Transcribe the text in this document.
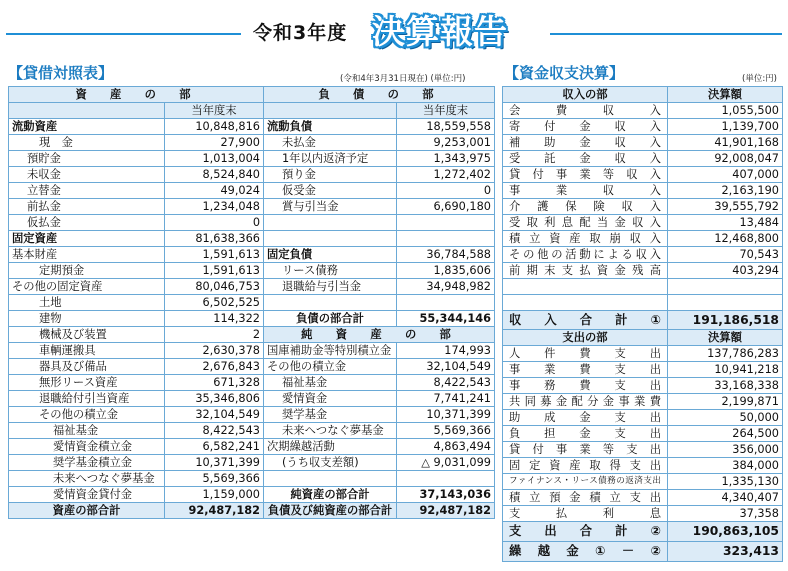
令和3年度 決算報告
【貸借対照表】	(令和4年3月31日現在) (単位:円)	【資金収支決算】	(単位:円)
資　産　の　部		負　債　の　部	
	当年度末		当年度末
流動資産	10,848,816	流動負債	18,559,558
現　金	27,900	未払金	9,253,001
預貯金	1,013,004	1年以内返済予定	1,343,975
未収金	8,524,840	預り金	1,272,402
立替金	49,024	仮受金	0
前払金	1,234,048	賞与引当金	6,690,180
仮払金	0		
固定資産	81,638,366		
基本財産	1,591,613	固定負債	36,784,588
定期預金	1,591,613	リース債務	1,835,606
その他の固定資産	80,046,753	退職給与引当金	34,948,982
土地	6,502,525		
建物	114,322	負債の部合計	55,344,146
機械及び装置	2	純　資　産　の　部	
車輌運搬具	2,630,378	国庫補助金等特別積立金	174,993
器具及び備品	2,676,843	その他の積立金	32,104,549
無形リース資産	671,328	福祉基金	8,422,543
退職給付引当資産	35,346,806	愛情資金	7,741,241
その他の積立金	32,104,549	奨学基金	10,371,399
福祉基金	8,422,543	未来へつなぐ夢基金	5,569,366
愛情資金積立金	6,582,241	次期繰越活動	4,863,494
奨学基金積立金	10,371,399	(うち収支差額)	△ 9,031,099
未来へつなぐ夢基金	5,569,366		
愛情資金貸付金	1,159,000	純資産の部合計	37,143,036
資産の部合計	92,487,182	負債及び純資産の部合計	92,487,182
収入の部	決算額
会費収入	1,055,500
寄付金収入	1,139,700
補助金収入	41,901,168
受託金収入	92,008,047
貸付事業等収入	407,000
事業収入	2,163,190
介護保険収入	39,555,792
受取利息配当金収入	13,484
積立資産取崩収入	12,468,800
その他の活動による収入	70,543
前期末支払資金残高	403,294

収入合計①	191,186,518
支出の部	決算額
人件費支出	137,786,283
事業費支出	10,941,218
事務費支出	33,168,338
共同募金配分金事業費	2,199,871
助成金支出	50,000
負担金支出	264,500
貸付事業等支出	356,000
固定資産取得支出	384,000
ファイナンス・リース債務の返済支出	1,335,130
積立預金積立支出	4,340,407
支払利息	37,358
支出合計②	190,863,105
繰越金①－②	323,413
